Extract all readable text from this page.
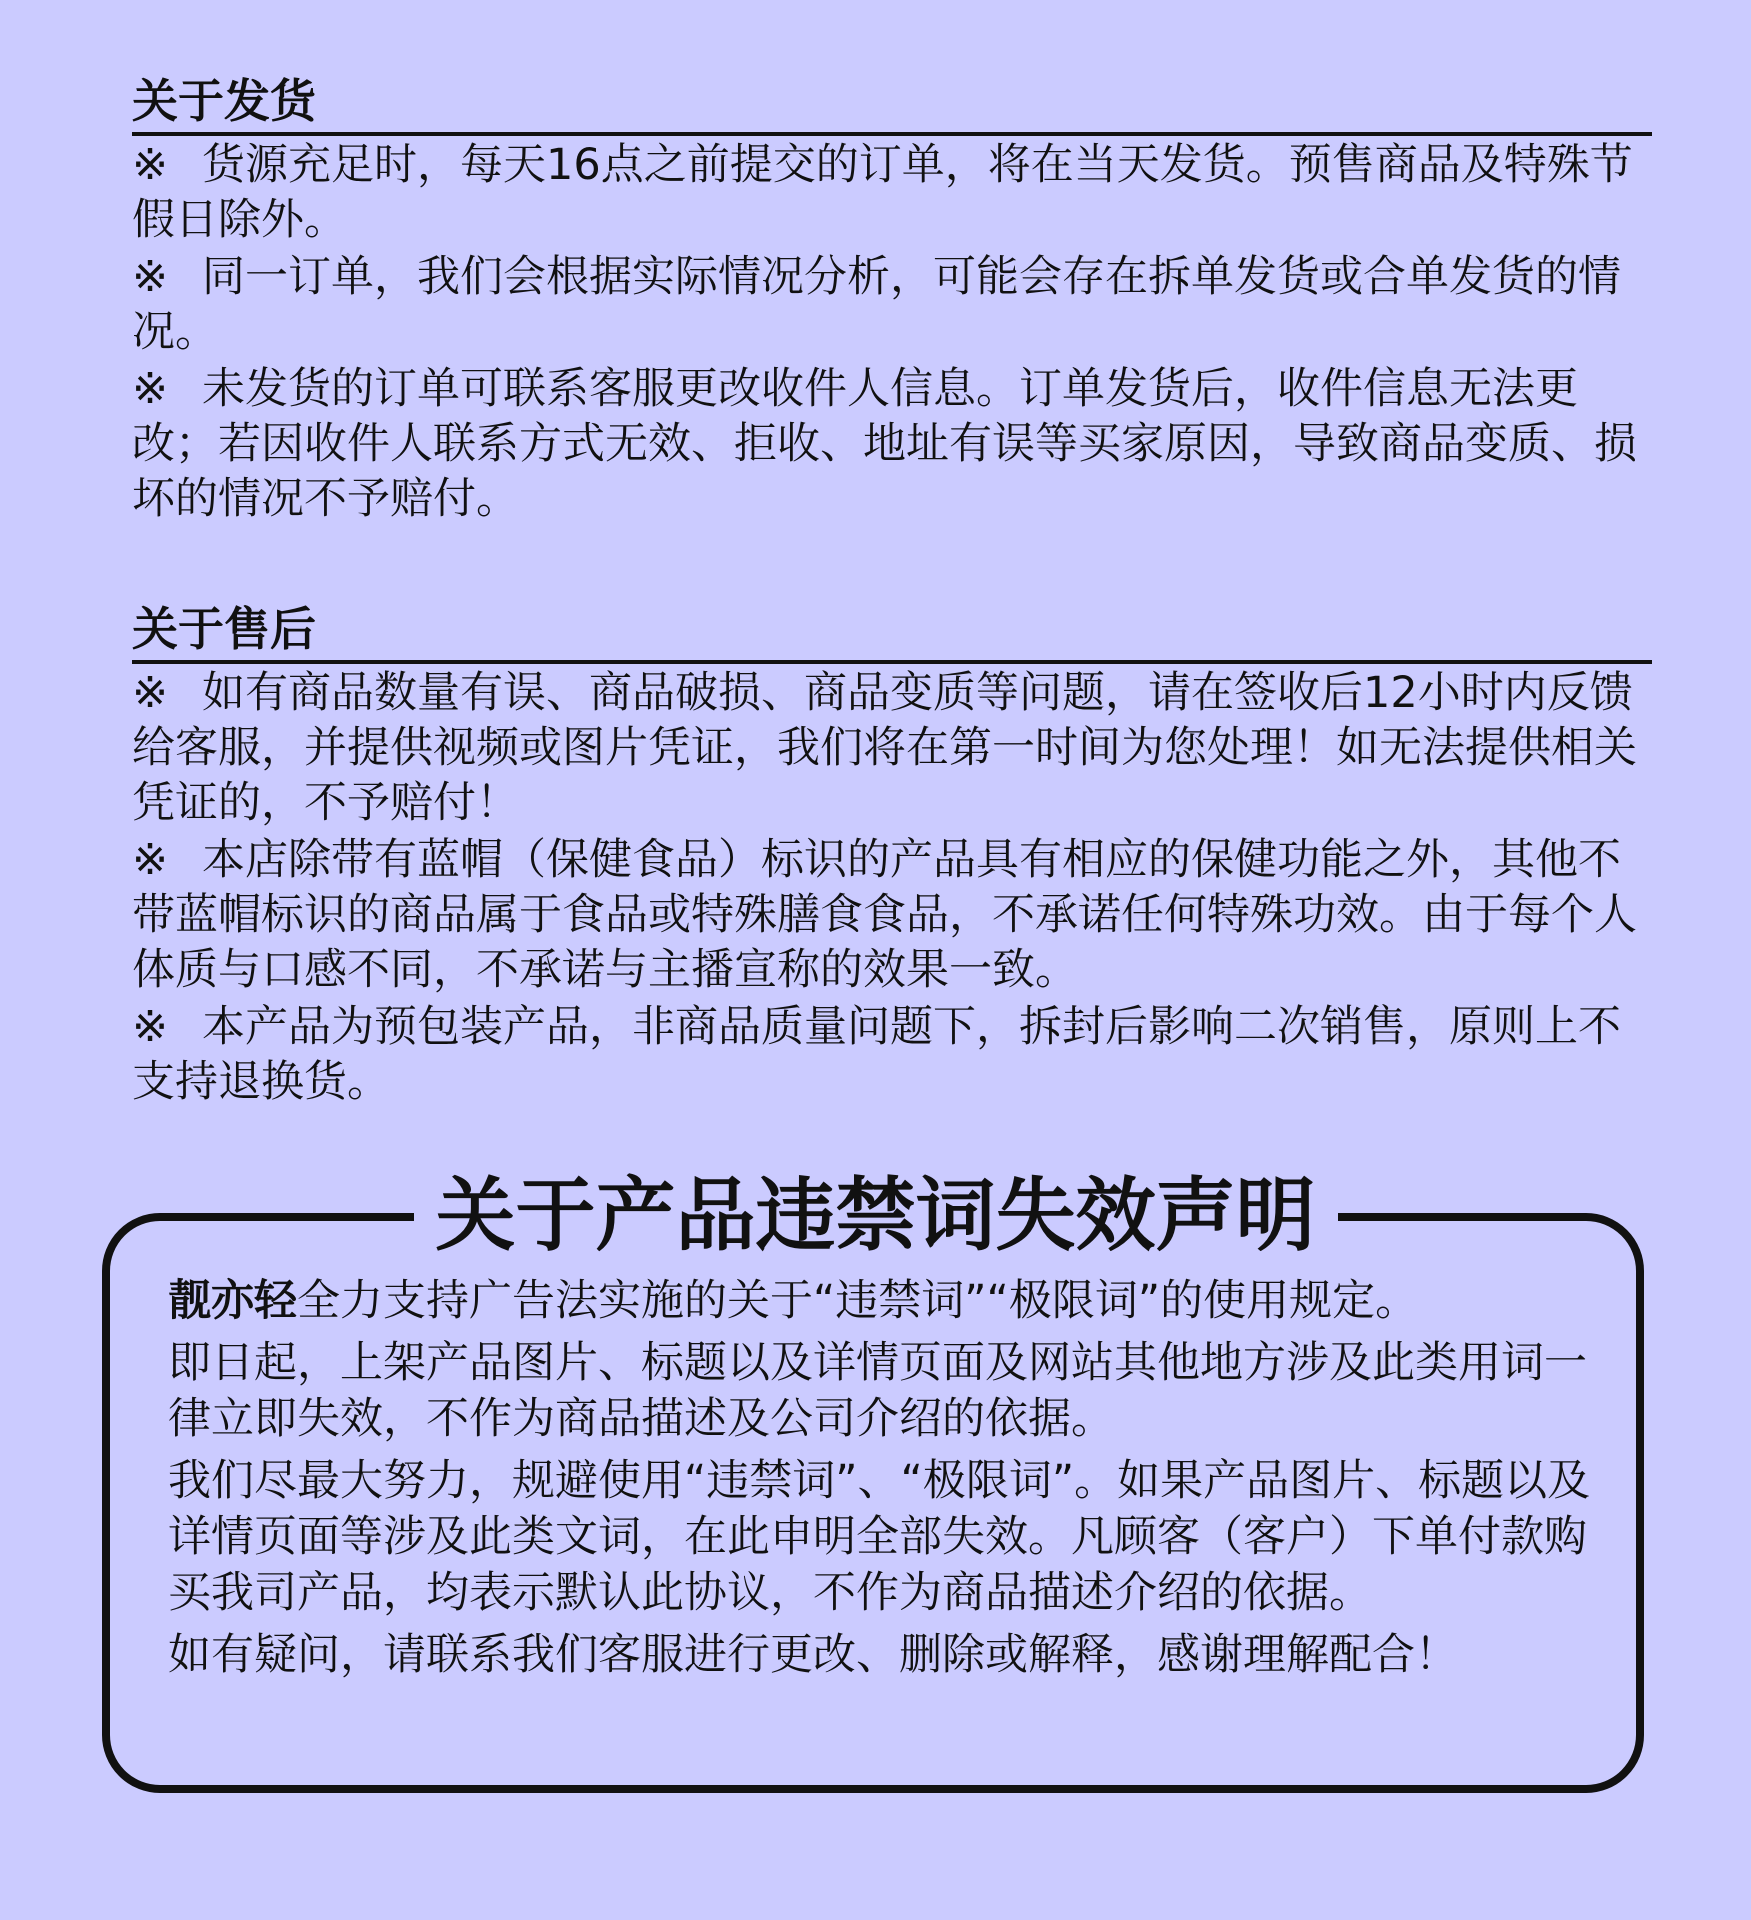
关于发货

※ 货源充足时，每天16点之前提交的订单，将在当天发货。预售商品及特殊节假日除外。

※ 同一订单，我们会根据实际情况分析，可能会存在拆单发货或合单发货的情况。

※ 未发货的订单可联系客服更改收件人信息。订单发货后，收件信息无法更改；若因收件人联系方式无效、拒收、地址有误等买家原因，导致商品变质、损坏的情况不予赔付。

关于售后

※ 如有商品数量有误、商品破损、商品变质等问题，请在签收后12小时内反馈给客服，并提供视频或图片凭证，我们将在第一时间为您处理！如无法提供相关凭证的，不予赔付！

※ 本店除带有蓝帽（保健食品）标识的产品具有相应的保健功能之外，其他不带蓝帽标识的商品属于食品或特殊膳食食品，不承诺任何特殊功效。由于每个人体质与口感不同，不承诺与主播宣称的效果一致。

※ 本产品为预包装产品，非商品质量问题下，拆封后影响二次销售，原则上不支持退换货。

关于产品违禁词失效声明

靓亦轻全力支持广告法实施的关于“违禁词”“极限词”的使用规定。

即日起，上架产品图片、标题以及详情页面及网站其他地方涉及此类用词一律立即失效，不作为商品描述及公司介绍的依据。

我们尽最大努力，规避使用“违禁词”、“极限词”。如果产品图片、标题以及详情页面等涉及此类文词，在此申明全部失效。凡顾客（客户）下单付款购买我司产品，均表示默认此协议，不作为商品描述介绍的依据。

如有疑问，请联系我们客服进行更改、删除或解释，感谢理解配合！
